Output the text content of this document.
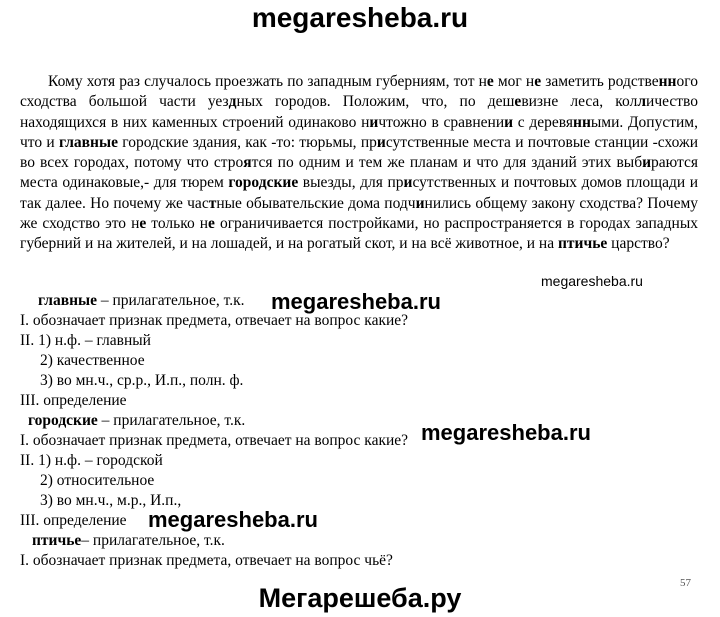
megaresheba.ru
Кому хотя раз случалось проезжать по западным губерниям, тот не мог не заметить родственного сходства большой части уездных городов. Положим, что, по дешевизне леса, колличество находящихся в них каменных строений одинаково ничтожно в сравнении с деревянными. Допустим, что и главные городские здания, как -то: тюрьмы, присутственные места и почтовые станции -схожи во всех городах, потому что строятся по одним и тем же планам и что для зданий этих выбираются места одинаковые,- для тюрем городские выезды, для присутственных и почтовых домов площади и так далее. Но почему же частные обывательские дома подчинились общему закону сходства? Почему же сходство это не только не ограничивается постройками, но распространяется в городах западных губерний и на жителей, и на лошадей, и на рогатый скот, и на всё животное, и на птичье царство?
megaresheba.ru
главные – прилагательное, т.к. megaresheba.ru
I. обозначает признак предмета, отвечает на вопрос какие?
II. 1) н.ф. – главный
2) качественное
3) во мн.ч., ср.р., И.п., полн. ф.
III. определение
городские – прилагательное, т.к.
I. обозначает признак предмета, отвечает на вопрос какие?
II. 1) н.ф. – городской
megaresheba.ru
2) относительное
3) во мн.ч., м.р., И.п.,
III. определение megaresheba.ru
птичье– прилагательное, т.к.
I. обозначает признак предмета, отвечает на вопрос чьё?
57
Мегарешеба.ру
